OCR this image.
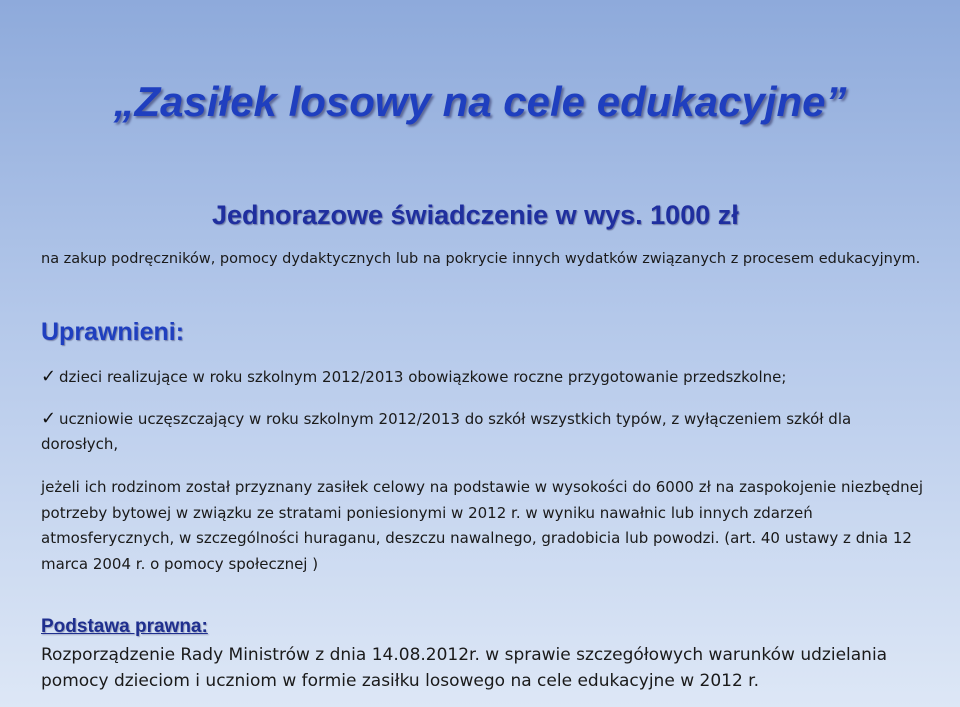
„Zasiłek losowy na cele edukacyjne”
Jednorazowe świadczenie w wys. 1000 zł
na zakup podręczników, pomocy dydaktycznych lub na pokrycie innych wydatków związanych z procesem edukacyjnym.
Uprawnieni:
✓ dzieci realizujące w roku szkolnym 2012/2013 obowiązkowe roczne przygotowanie przedszkolne;
✓ uczniowie uczęszczający w roku szkolnym 2012/2013 do szkół wszystkich typów, z wyłączeniem szkół dla dorosłych,
jeżeli ich rodzinom został przyznany zasiłek celowy na podstawie w wysokości do 6000 zł na zaspokojenie niezbędnej potrzeby bytowej w związku ze stratami poniesionymi w 2012 r. w wyniku nawałnic lub innych zdarzeń atmosferycznych, w szczególności huraganu, deszczu nawalnego, gradobicia lub powodzi. (art. 40 ustawy z dnia 12 marca 2004 r. o pomocy społecznej )
Podstawa prawna:
Rozporządzenie Rady Ministrów z dnia 14.08.2012r. w sprawie szczegółowych warunków udzielania pomocy dzieciom i uczniom w formie zasiłku losowego na cele edukacyjne w 2012 r.
